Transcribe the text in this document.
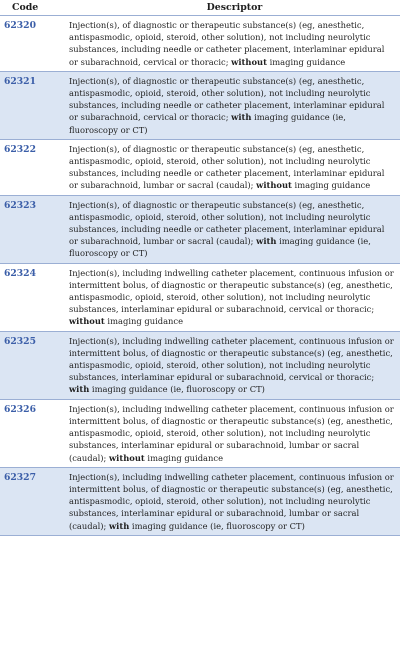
Code	Descriptor
62320	Injection(s), of diagnostic or therapeutic substance(s) (eg, anesthetic, antispasmodic, opioid, steroid, other solution), not including neurolytic substances, including needle or catheter placement, interlaminar epidural or subarachnoid, cervical or thoracic; without imaging guidance
62321	Injection(s), of diagnostic or therapeutic substance(s) (eg, anesthetic, antispasmodic, opioid, steroid, other solution), not including neurolytic substances, including needle or catheter placement, interlaminar epidural or subarachnoid, cervical or thoracic; with imaging guidance (ie, fluoroscopy or CT)
62322	Injection(s), of diagnostic or therapeutic substance(s) (eg, anesthetic, antispasmodic, opioid, steroid, other solution), not including neurolytic substances, including needle or catheter placement, interlaminar epidural or subarachnoid, lumbar or sacral (caudal); without imaging guidance
62323	Injection(s), of diagnostic or therapeutic substance(s) (eg, anesthetic, antispasmodic, opioid, steroid, other solution), not including neurolytic substances, including needle or catheter placement, interlaminar epidural or subarachnoid, lumbar or sacral (caudal); with imaging guidance (ie, fluoroscopy or CT)
62324	Injection(s), including indwelling catheter placement, continuous infusion or intermittent bolus, of diagnostic or therapeutic substance(s) (eg, anesthetic, antispasmodic, opioid, steroid, other solution), not including neurolytic substances, interlaminar epidural or subarachnoid, cervical or thoracic; without imaging guidance
62325	Injection(s), including indwelling catheter placement, continuous infusion or intermittent bolus, of diagnostic or therapeutic substance(s) (eg, anesthetic, antispasmodic, opioid, steroid, other solution), not including neurolytic substances, interlaminar epidural or subarachnoid, cervical or thoracic; with imaging guidance (ie, fluoroscopy or CT)
62326	Injection(s), including indwelling catheter placement, continuous infusion or intermittent bolus, of diagnostic or therapeutic substance(s) (eg, anesthetic, antispasmodic, opioid, steroid, other solution), not including neurolytic substances, interlaminar epidural or subarachnoid, lumbar or sacral (caudal); without imaging guidance
62327	Injection(s), including indwelling catheter placement, continuous infusion or intermittent bolus, of diagnostic or therapeutic substance(s) (eg, anesthetic, antispasmodic, opioid, steroid, other solution), not including neurolytic substances, interlaminar epidural or subarachnoid, lumbar or sacral (caudal); with imaging guidance (ie, fluoroscopy or CT)
